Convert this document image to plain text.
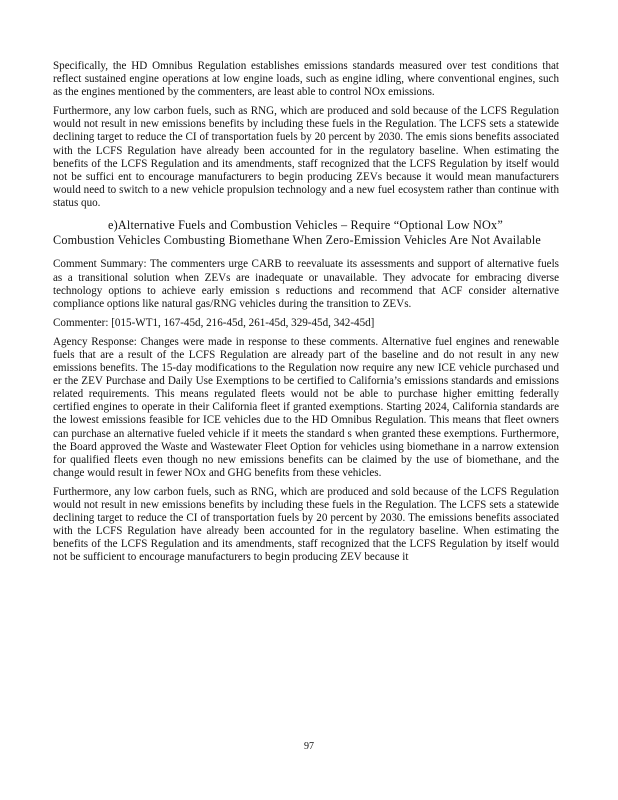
Specifically, the HD Omnibus Regulation establishes emissions standards measured over test conditions that reflect sustained engine operations at low engine loads, such as engine idling, where conventional engines, such as the engines mentioned by the commenters, are least able to control NOx emissions.

Furthermore, any low carbon fuels, such as RNG, which are produced and sold because of the LCFS Regulation would not result in new emissions benefits by including these fuels in the Regulation. The LCFS sets a statewide declining target to reduce the CI of transportation fuels by 20 percent by 2030. The emis sions benefits associated with the LCFS Regulation have already been accounted for in the regulatory baseline. When estimating the benefits of the LCFS Regulation and its amendments, staff recognized that the LCFS Regulation by itself would not be suffici ent to encourage manufacturers to begin producing ZEVs because it would mean manufacturers would need to switch to a new vehicle propulsion technology and a new fuel ecosystem rather than continue with status quo.

e)Alternative Fuels and Combustion Vehicles – Require “Optional Low NOx” Combustion Vehicles Combusting Biomethane When Zero-Emission Vehicles Are Not Available

Comment Summary: The commenters urge CARB to reevaluate its assessments and support of alternative fuels as a transitional solution when ZEVs are inadequate or unavailable. They advocate for embracing diverse technology options to achieve early emission s reductions and recommend that ACF consider alternative compliance options like natural gas/RNG vehicles during the transition to ZEVs.

Commenter: [015-WT1, 167-45d, 216-45d, 261-45d, 329-45d, 342-45d]

Agency Response: Changes were made in response to these comments. Alternative fuel engines and renewable fuels that are a result of the LCFS Regulation are already part of the baseline and do not result in any new emissions benefits. The 15-day modifications to the Regulation now require any new ICE vehicle purchased und er the ZEV Purchase and Daily Use Exemptions to be certified to California’s emissions standards and emissions related requirements. This means regulated fleets would not be able to purchase higher emitting federally certified engines to operate in their California fleet if granted exemptions. Starting 2024, California standards are the lowest emissions feasible for ICE vehicles due to the HD Omnibus Regulation. This means that fleet owners can purchase an alternative fueled vehicle if it meets the standard s when granted these exemptions. Furthermore, the Board approved the Waste and Wastewater Fleet Option for vehicles using biomethane in a narrow extension for qualified fleets even though no new emissions benefits can be claimed by the use of biomethane, and the change would result in fewer NOx and GHG benefits from these vehicles.

Furthermore, any low carbon fuels, such as RNG, which are produced and sold because of the LCFS Regulation would not result in new emissions benefits by including these fuels in the Regulation. The LCFS sets a statewide declining target to reduce the CI of transportation fuels by 20 percent by 2030. The emissions benefits associated with the LCFS Regulation have already been accounted for in the regulatory baseline. When estimating the benefits of the LCFS Regulation and its amendments, staff recognized that the LCFS Regulation by itself would not be sufficient to encourage manufacturers to begin producing ZEV because it

97
